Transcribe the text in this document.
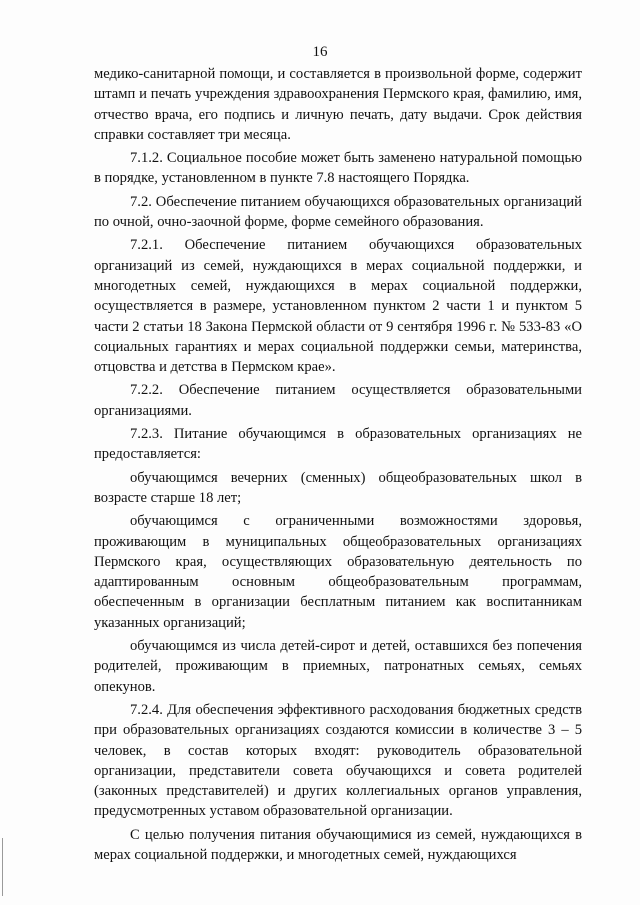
16

медико-санитарной помощи, и составляется в произвольной форме, содержит штамп и печать учреждения здравоохранения Пермского края, фамилию, имя, отчество врача, его подпись и личную печать, дату выдачи. Срок действия справки составляет три месяца.

7.1.2. Социальное пособие может быть заменено натуральной помощью в порядке, установленном в пункте 7.8 настоящего Порядка.

7.2. Обеспечение питанием обучающихся образовательных организаций по очной, очно-заочной форме, форме семейного образования.

7.2.1. Обеспечение питанием обучающихся образовательных организаций из семей, нуждающихся в мерах социальной поддержки, и многодетных семей, нуждающихся в мерах социальной поддержки, осуществляется в размере, установленном пунктом 2 части 1 и пунктом 5 части 2 статьи 18 Закона Пермской области от 9 сентября 1996 г. № 533-83 «О социальных гарантиях и мерах социальной поддержки семьи, материнства, отцовства и детства в Пермском крае».

7.2.2. Обеспечение питанием осуществляется образовательными организациями.

7.2.3. Питание обучающимся в образовательных организациях не предоставляется:

обучающимся вечерних (сменных) общеобразовательных школ в возрасте старше 18 лет;

обучающимся с ограниченными возможностями здоровья, проживающим в муниципальных общеобразовательных организациях Пермского края, осуществляющих образовательную деятельность по адаптированным основным общеобразовательным программам, обеспеченным в организации бесплатным питанием как воспитанникам указанных организаций;

обучающимся из числа детей-сирот и детей, оставшихся без попечения родителей, проживающим в приемных, патронатных семьях, семьях опекунов.

7.2.4. Для обеспечения эффективного расходования бюджетных средств при образовательных организациях создаются комиссии в количестве 3 – 5 человек, в состав которых входят: руководитель образовательной организации, представители совета обучающихся и совета родителей (законных представителей) и других коллегиальных органов управления, предусмотренных уставом образовательной организации.

С целью получения питания обучающимися из семей, нуждающихся в мерах социальной поддержки, и многодетных семей, нуждающихся
